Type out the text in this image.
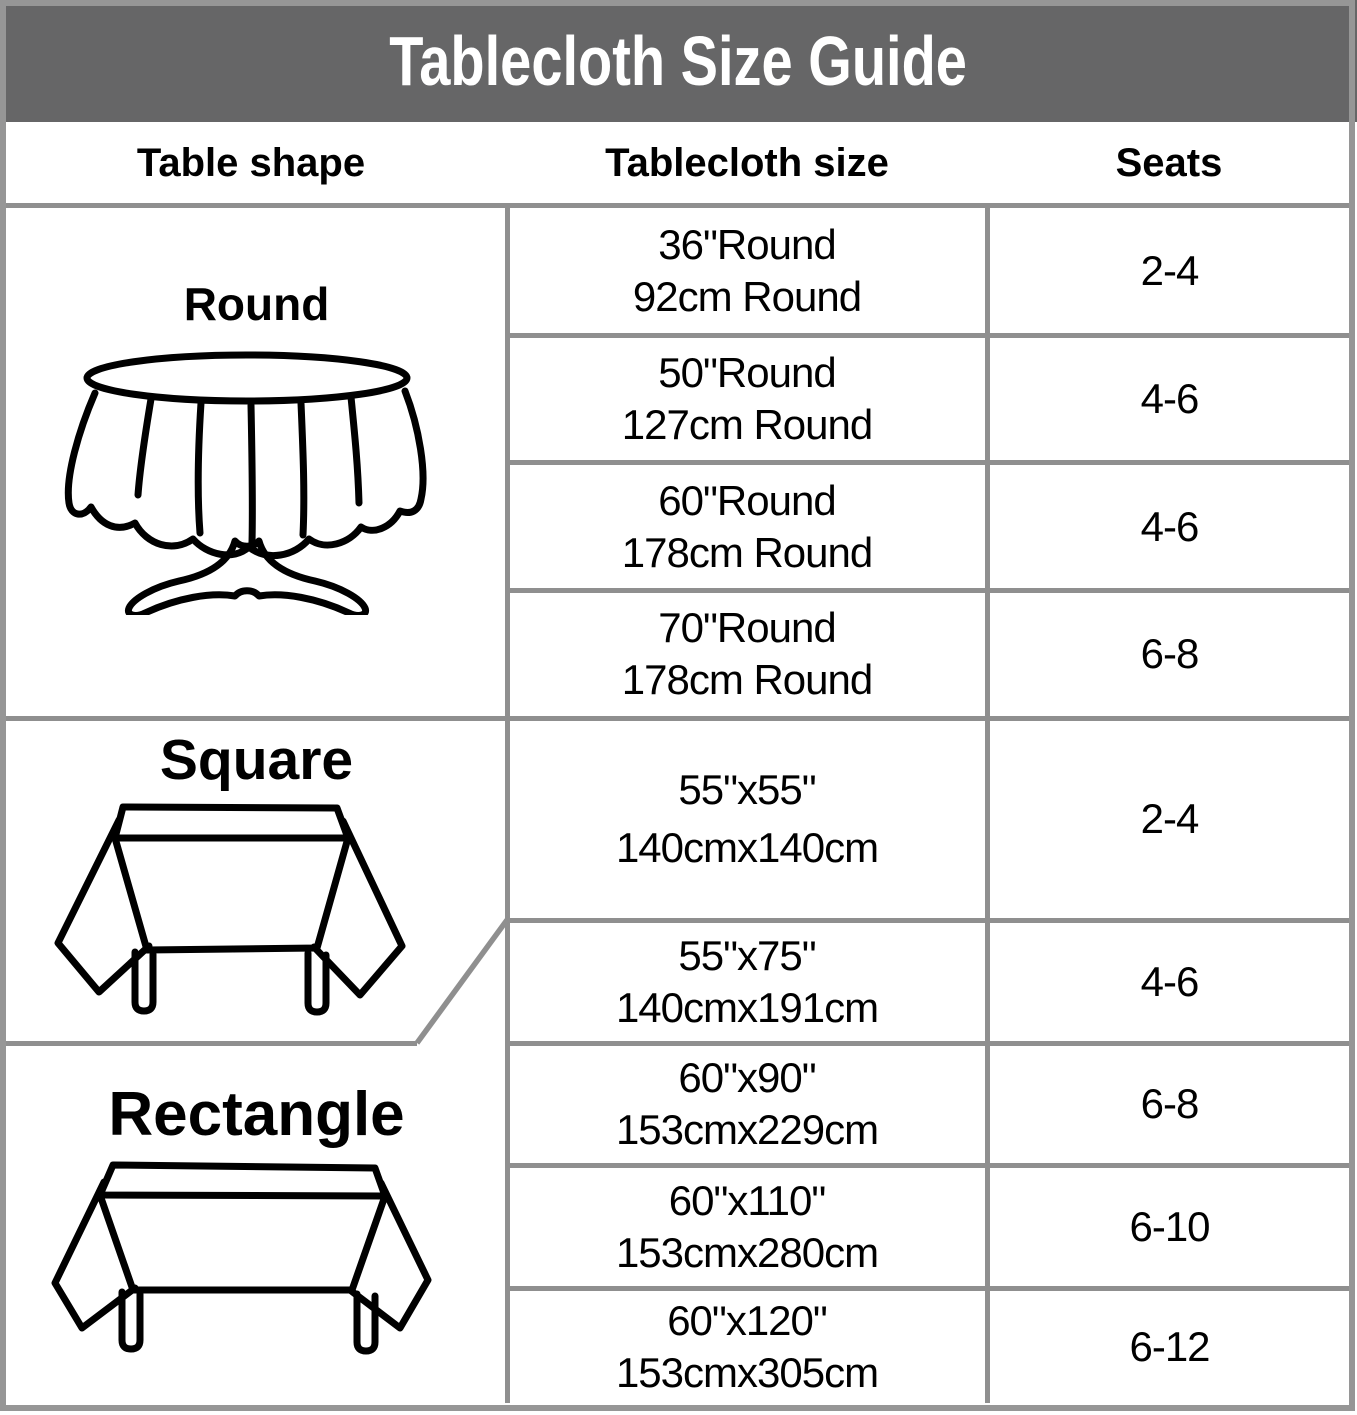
Tablecloth Size Guide
Table shape	Tablecloth size	Seats
Round
Square
Rectangle
36"Round
92cm Round
50"Round
127cm Round
60"Round
178cm Round
70"Round
178cm Round
55"x55"
140cmx140cm
55"x75"
140cmx191cm
60"x90"
153cmx229cm
60"x110"
153cmx280cm
60"x120"
153cmx305cm
2-4
4-6
4-6
6-8
2-4
4-6
6-8
6-10
6-12
